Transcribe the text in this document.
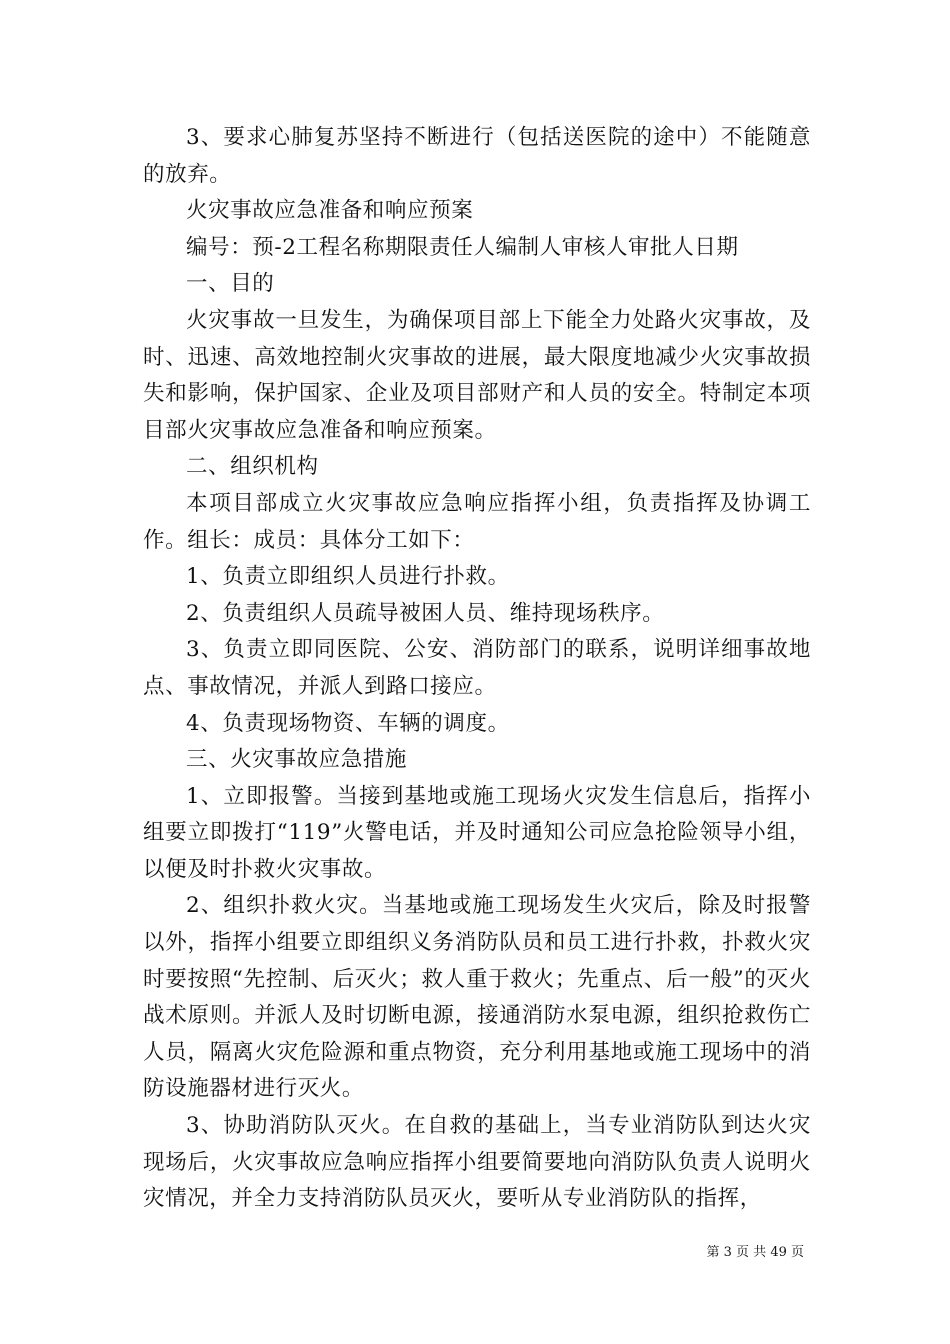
3、要求心肺复苏坚持不断进行（包括送医院的途中）不能随意的放弃。

火灾事故应急准备和响应预案

编号：预-2工程名称期限责任人编制人审核人审批人日期

一、目的

火灾事故一旦发生，为确保项目部上下能全力处路火灾事故，及时、迅速、高效地控制火灾事故的进展，最大限度地减少火灾事故损失和影响，保护国家、企业及项目部财产和人员的安全。特制定本项目部火灾事故应急准备和响应预案。

二、组织机构

本项目部成立火灾事故应急响应指挥小组，负责指挥及协调工作。组长：成员：具体分工如下：

1、负责立即组织人员进行扑救。

2、负责组织人员疏导被困人员、维持现场秩序。

3、负责立即同医院、公安、消防部门的联系，说明详细事故地点、事故情况，并派人到路口接应。

4、负责现场物资、车辆的调度。

三、火灾事故应急措施

1、立即报警。当接到基地或施工现场火灾发生信息后，指挥小组要立即拨打“119”火警电话，并及时通知公司应急抢险领导小组，以便及时扑救火灾事故。

2、组织扑救火灾。当基地或施工现场发生火灾后，除及时报警以外，指挥小组要立即组织义务消防队员和员工进行扑救，扑救火灾时要按照“先控制、后灭火；救人重于救火；先重点、后一般”的灭火战术原则。并派人及时切断电源，接通消防水泵电源，组织抢救伤亡人员，隔离火灾危险源和重点物资，充分利用基地或施工现场中的消防设施器材进行灭火。

3、协助消防队灭火。在自救的基础上，当专业消防队到达火灾现场后，火灾事故应急响应指挥小组要简要地向消防队负责人说明火灾情况，并全力支持消防队员灭火，要听从专业消防队的指挥，

第 3 页 共 49 页
